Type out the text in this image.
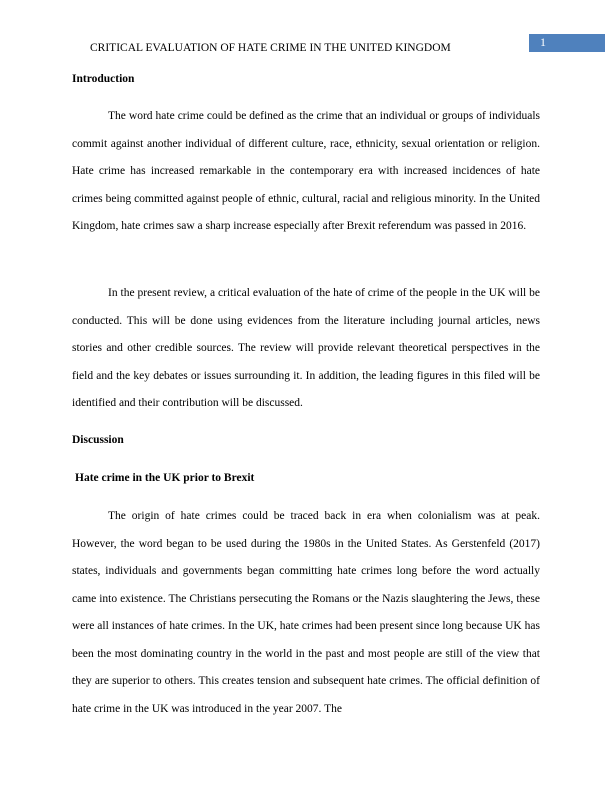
CRITICAL EVALUATION OF HATE CRIME IN THE UNITED KINGDOM	1

Introduction

The word hate crime could be defined as the crime that an individual or groups of individuals commit against another individual of different culture, race, ethnicity, sexual orientation or religion. Hate crime has increased remarkable in the contemporary era with increased incidences of hate crimes being committed against people of ethnic, cultural, racial and religious minority. In the United Kingdom, hate crimes saw a sharp increase especially after Brexit referendum was passed in 2016.

In the present review, a critical evaluation of the hate of crime of the people in the UK will be conducted. This will be done using evidences from the literature including journal articles, news stories and other credible sources. The review will provide relevant theoretical perspectives in the field and the key debates or issues surrounding it. In addition, the leading figures in this filed will be identified and their contribution will be discussed.

Discussion

Hate crime in the UK prior to Brexit

The origin of hate crimes could be traced back in era when colonialism was at peak. However, the word began to be used during the 1980s in the United States. As Gerstenfeld (2017) states, individuals and governments began committing hate crimes long before the word actually came into existence. The Christians persecuting the Romans or the Nazis slaughtering the Jews, these were all instances of hate crimes. In the UK, hate crimes had been present since long because UK has been the most dominating country in the world in the past and most people are still of the view that they are superior to others. This creates tension and subsequent hate crimes. The official definition of hate crime in the UK was introduced in the year 2007. The
